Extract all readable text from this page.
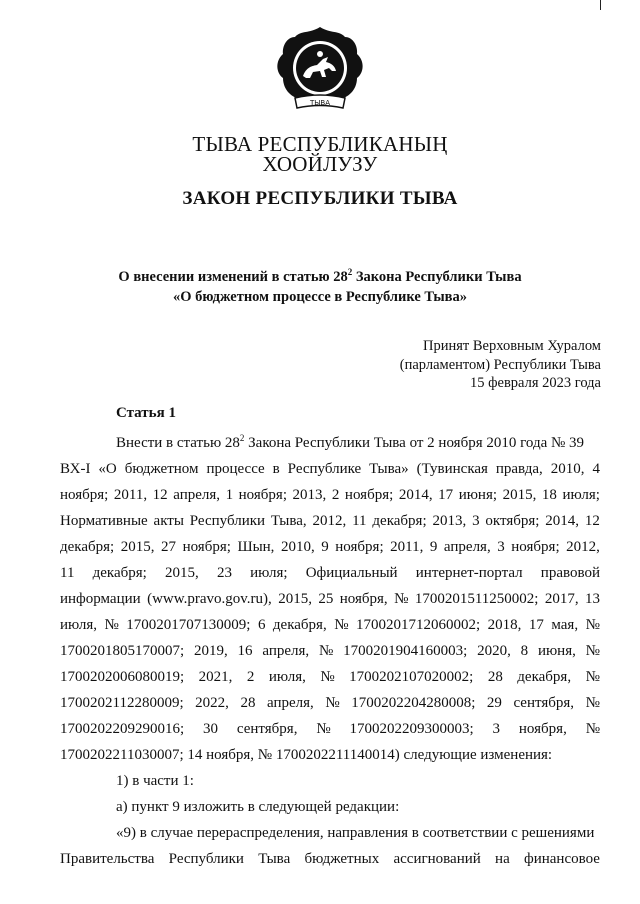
ТЫВА
ТЫВА РЕСПУБЛИКАНЫҢ
ХООЙЛУЗУ
ЗАКОН РЕСПУБЛИКИ ТЫВА
О внесении изменений в статью $28^2$ Закона Республики Тыва
«О бюджетном процессе в Республике Тыва»
Принят Верховным Хуралом
(парламентом) Республики Тыва
15 февраля 2023 года
Статья 1
Внести в статью $28^2$ Закона Республики Тыва от 2 ноября 2010 года № 39
ВХ-I «О бюджетном процессе в Республике Тыва» (Тувинская правда, 2010, 4
ноября; 2011, 12 апреля, 1 ноября; 2013, 2 ноября; 2014, 17 июня; 2015, 18 июля;
Нормативные акты Республики Тыва, 2012, 11 декабря; 2013, 3 октября; 2014, 12
декабря; 2015, 27 ноября; Шын, 2010, 9 ноября; 2011, 9 апреля, 3 ноября; 2012,
11 декабря; 2015, 23 июля; Официальный интернет-портал правовой
информации (www.pravo.gov.ru), 2015, 25 ноября, № 1700201511250002; 2017, 13
июля, № 1700201707130009; 6 декабря, № 1700201712060002; 2018, 17 мая, №
1700201805170007; 2019, 16 апреля, № 1700201904160003; 2020, 8 июня, №
1700202006080019; 2021, 2 июля, № 1700202107020002; 28 декабря, №
1700202112280009; 2022, 28 апреля, № 1700202204280008; 29 сентября, №
1700202209290016; 30 сентября, № 1700202209300003; 3 ноября, №
1700202211030007; 14 ноября, № 1700202211140014) следующие изменения:
1) в части 1:
а) пункт 9 изложить в следующей редакции:
«9) в случае перераспределения, направления в соответствии с решениями
Правительства Республики Тыва бюджетных ассигнований на финансовое
